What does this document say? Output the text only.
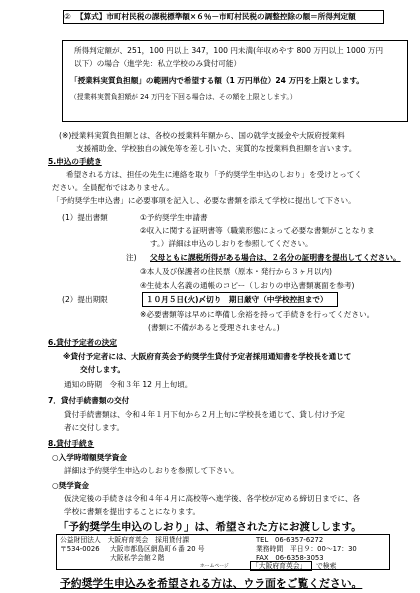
② 【算式】市町村民税の課税標準額×６％－市町村民税の調整控除の額＝所得判定額
所得判定額が、251，100 円以上 347，100 円未満(年収めやす 800 万円以上 1000 万円
以下）の場合（進学先：私立学校のみ貸付可能）
「授業料実質負担額」の範囲内で希望する額（1 万円単位）24 万円を上限とします。
（授業料実質負担額が 24 万円を下回る場合は、その額を上限とします。）
(※)授業料実質負担額とは、各校の授業料年額から、国の就学支援金や大阪府授業料
支援補助金、学校独自の減免等を差し引いた、実質的な授業料負担額を言います。
5.申込の手続き
希望される方は、担任の先生に連絡を取り「予約奨学生申込のしおり」を受けとってく
ださい。全員配布ではありません。
「予約奨学生申込書」に必要事項を記入し、必要な書類を添えて学校に提出して下さい。
(1）提出書類	①予約奨学生申請書
②収入に関する証明書等（職業形態によって必要な書類がことなりま
す。）詳細は申込のしおりを参照してください。
注) 父母ともに課税所得がある場合は、２名分の証明書を提出してください。
③本人及び保護者の住民票（原本・発行から３ヶ月以内)
④生徒本人名義の通帳のコピー（しおりの申込書類裏面を参考)
(2）提出期限	１０月５日(火)〆切り　期日厳守（中学校控担まで）
※必要書類等は早めに準備し余裕を持って手続きを行ってください。
(書類に不備があると受理されません。)
6.貸付予定者の決定
※貸付予定者には、大阪府育英会予約奨学生貸付予定者採用通知書を学校長を通じて
交付します。
通知の時期　令和３年 12 月上旬頃。
7．貸付手続書類の交付
貸付手続書類は、令和４年１月下旬から２月上旬に学校長を通じて、貸し付け予定
者に交付します。
8.貸付手続き
○入学時増額奨学資金
詳細は予約奨学生申込のしおりを参照して下さい。
○奨学資金
仮決定後の手続きは令和４年４月に高校等へ進学後、各学校が定める締切日までに、各
学校に書類を提出することになります。
「予約奨学生申込のしおり」は、希望された方にお渡しします。
公益財団法人　大阪府育英会　採用貸付課
〒534-0026 大阪市都島区網島町６番 20 号
大阪私学会館２階
TEL　06-6357-6272
業務時間　平日９：00～17：30
FAX　06-6358-3053
ホームページ	「大阪府育英会」 で検索
予約奨学生申込みを希望される方は、ウラ面をご覧ください。
